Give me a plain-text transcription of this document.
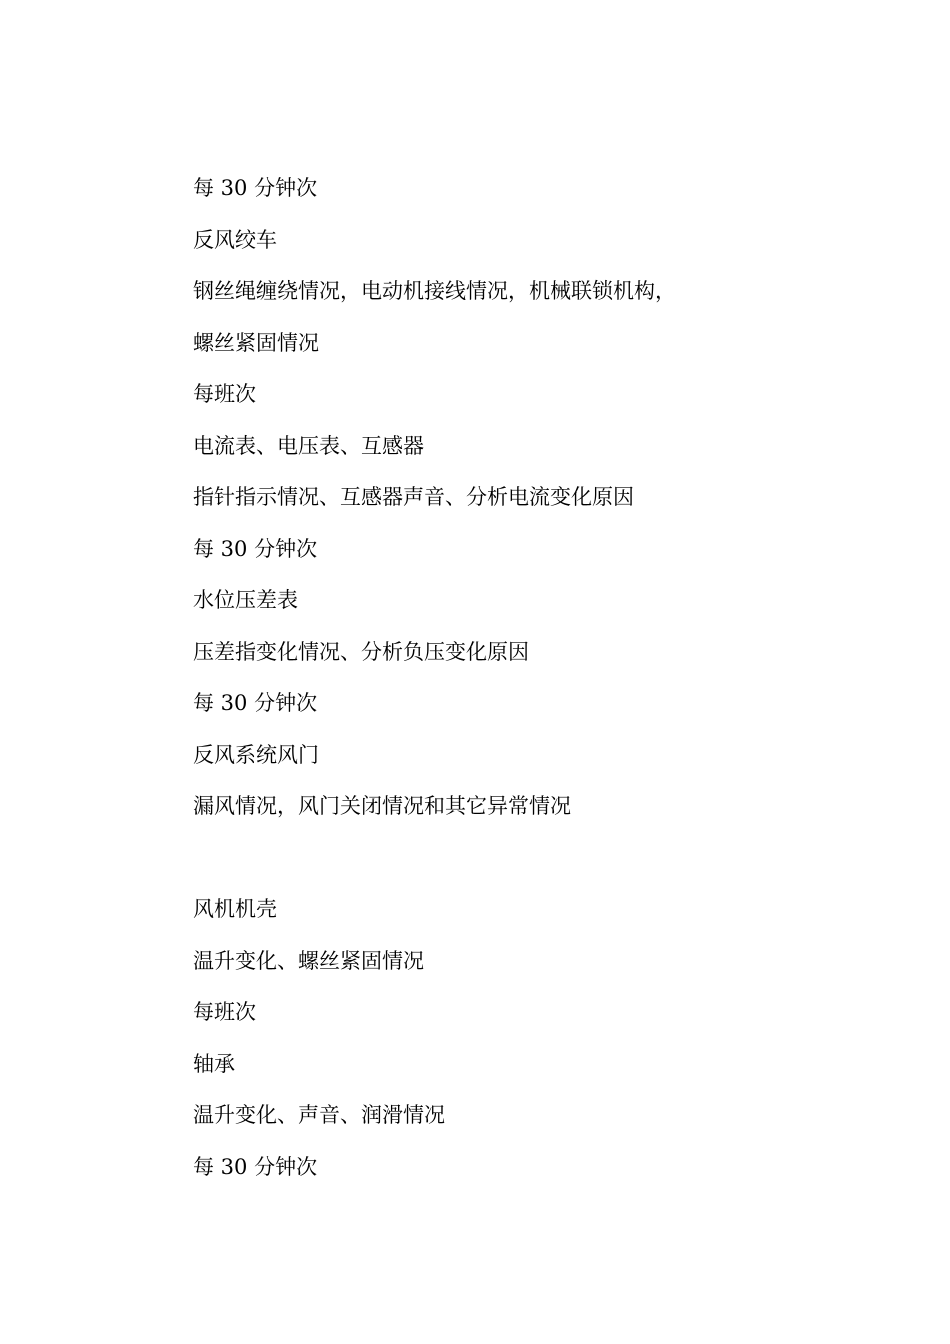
每 30 分钟次
反风绞车
钢丝绳缠绕情况，电动机接线情况，机械联锁机构，
螺丝紧固情况
每班次
电流表、电压表、互感器
指针指示情况、互感器声音、分析电流变化原因
每 30 分钟次
水位压差表
压差指变化情况、分析负压变化原因
每 30 分钟次
反风系统风门
漏风情况，风门关闭情况和其它异常情况
风机机壳
温升变化、螺丝紧固情况
每班次
轴承
温升变化、声音、润滑情况
每 30 分钟次
